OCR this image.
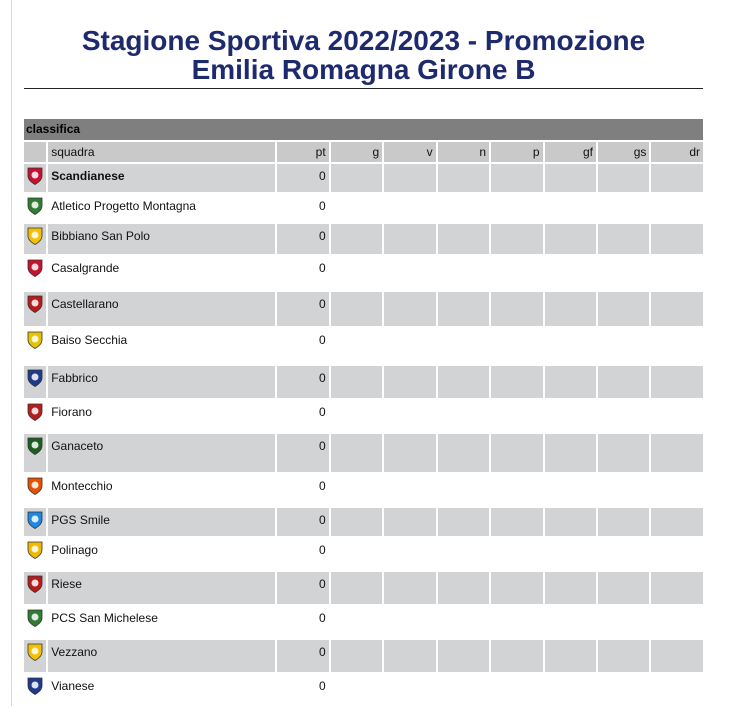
Stagione Sportiva 2022/2023 - Promozione
Emilia Romagna Girone B
classifica
	squadra	pt	g	v	n	p	gf	gs	dr

	Scandianese	0							

	Atletico Progetto Montagna	0							

	Bibbiano San Polo	0							

	Casalgrande	0							

	Castellarano	0							

	Baiso Secchia	0							

	Fabbrico	0							

	Fiorano	0							

	Ganaceto	0							

	Montecchio	0							

	PGS Smile	0							

	Polinago	0							

	Riese	0							

	PCS San Michelese	0							

	Vezzano	0							

	Vianese	0							
